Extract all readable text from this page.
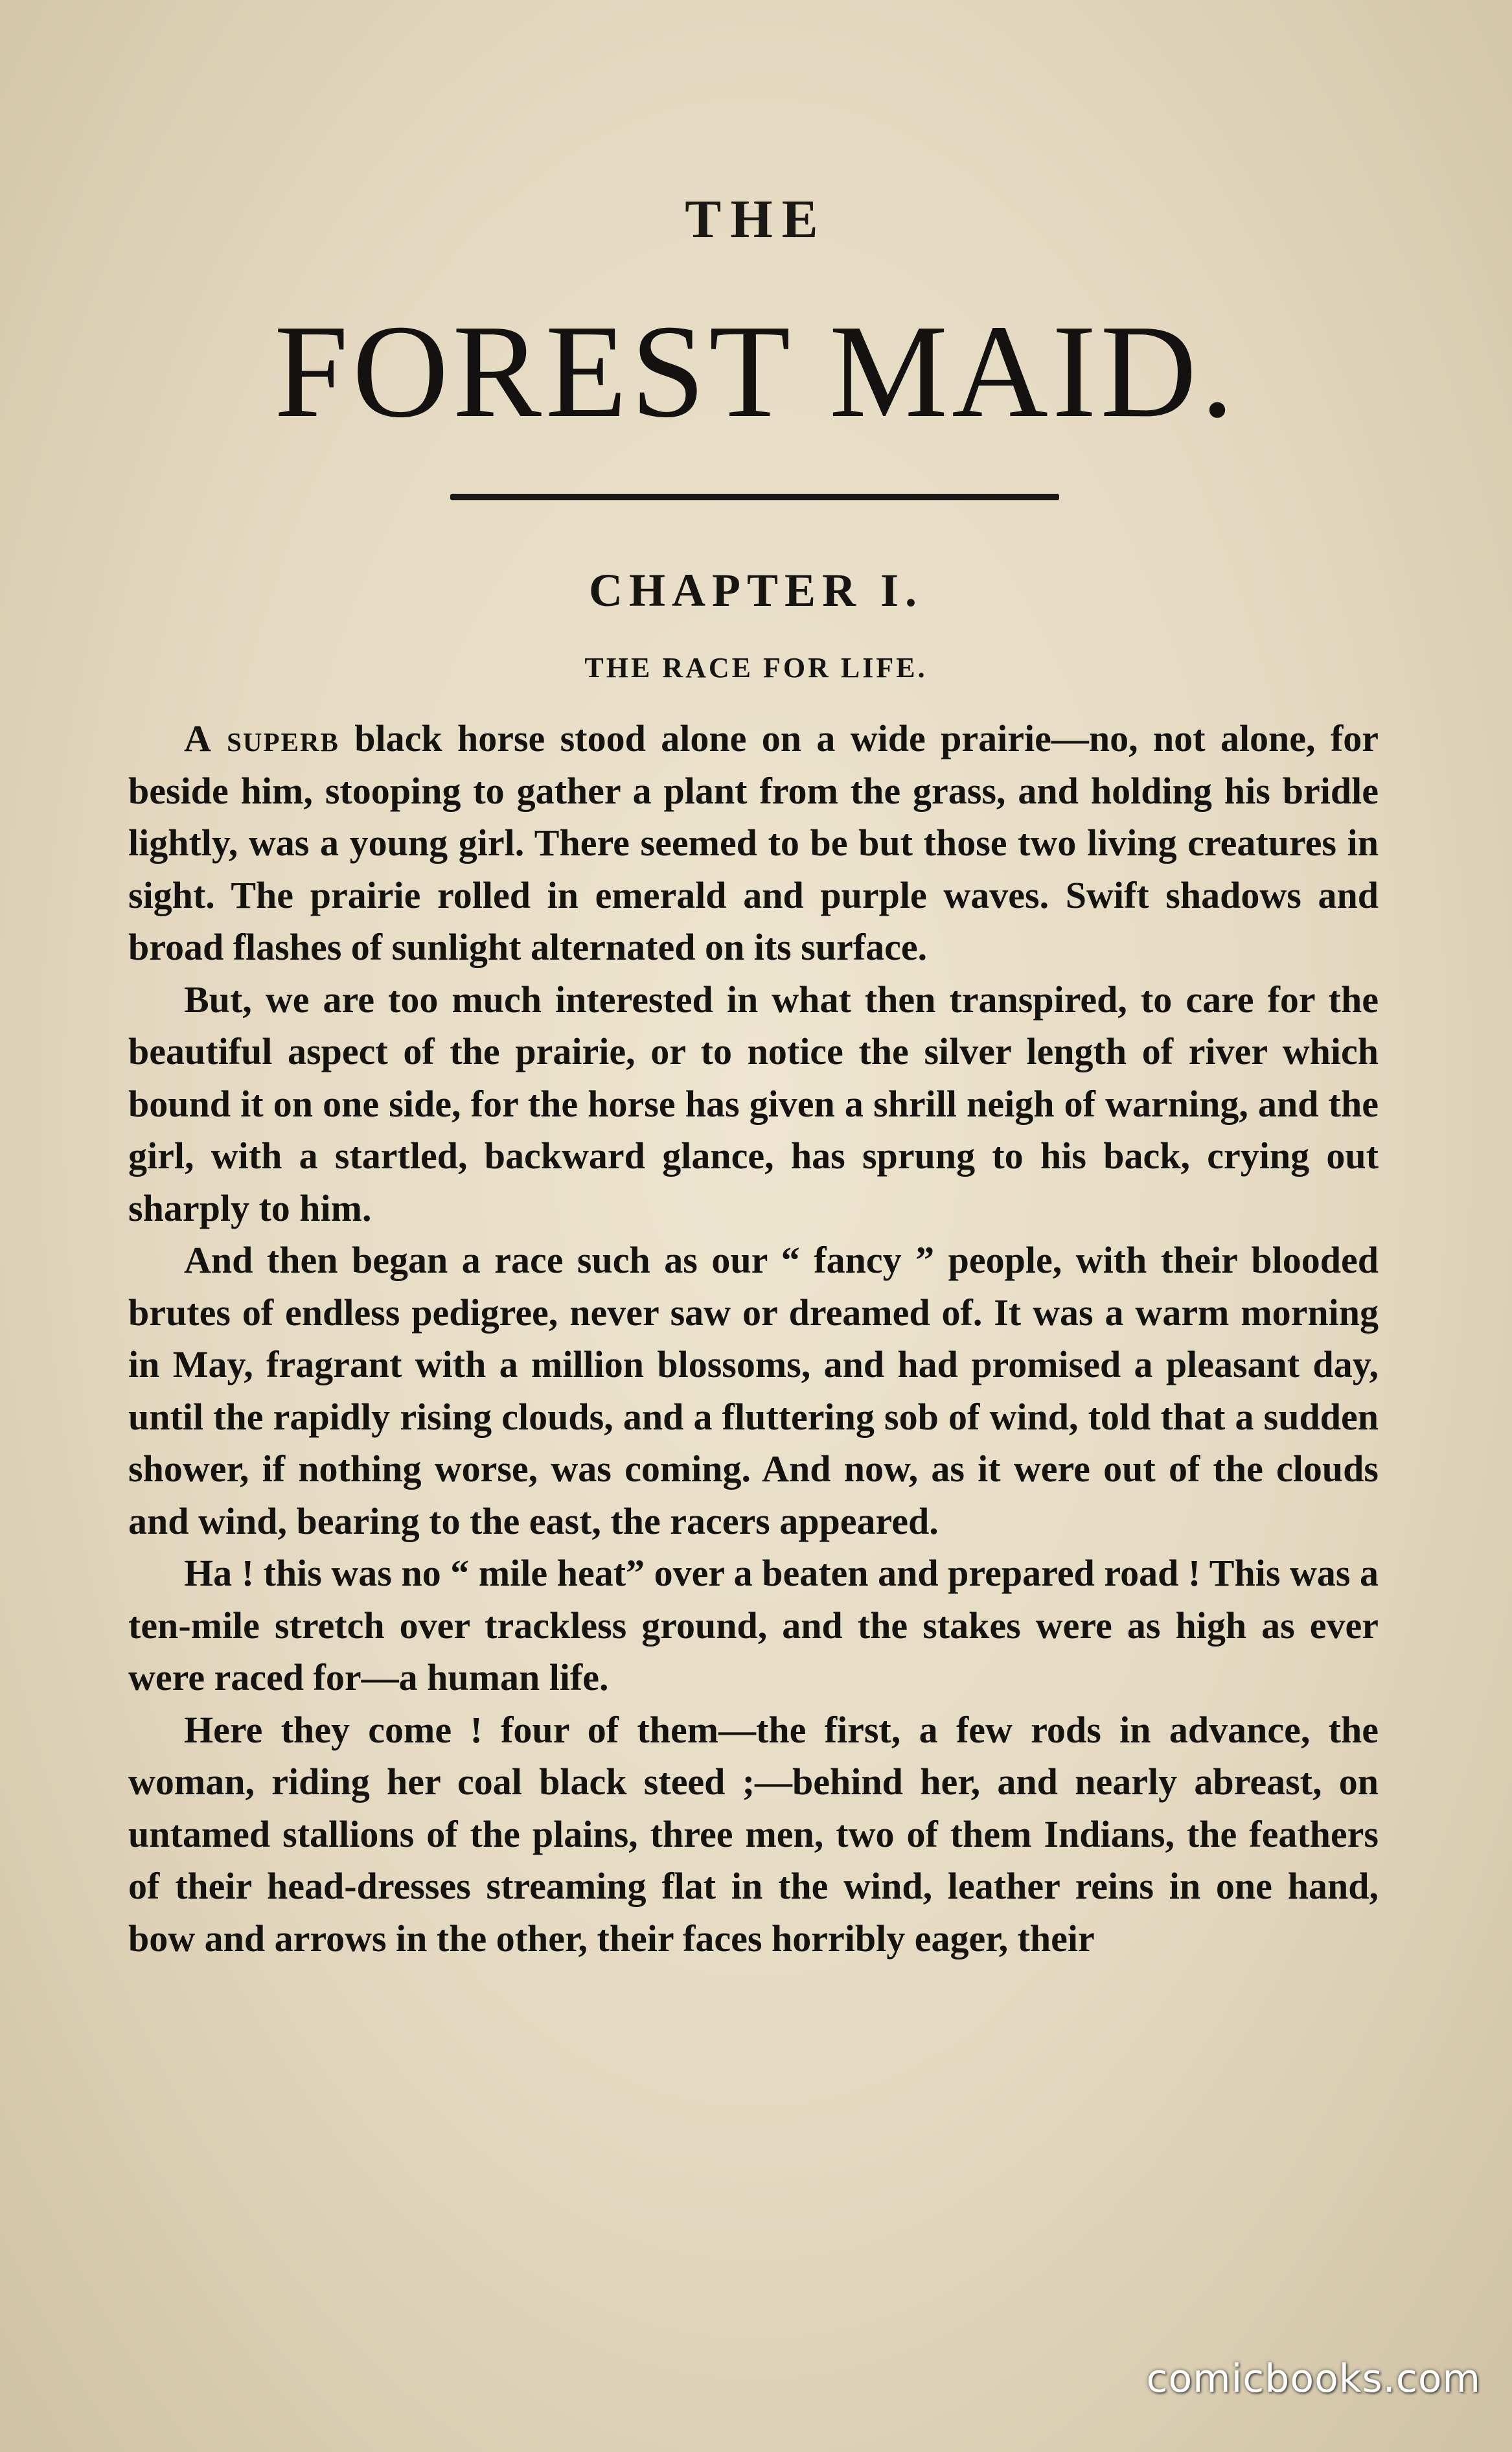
THE
FOREST MAID.
CHAPTER I.
THE RACE FOR LIFE.

A superb black horse stood alone on a wide prairie—no, not alone, for beside him, stooping to gather a plant from the grass, and holding his bridle lightly, was a young girl. There seemed to be but those two living creatures in sight. The prairie rolled in emerald and purple waves. Swift shadows and broad flashes of sunlight alternated on its surface.

But, we are too much interested in what then transpired, to care for the beautiful aspect of the prairie, or to notice the silver length of river which bound it on one side, for the horse has given a shrill neigh of warning, and the girl, with a startled, backward glance, has sprung to his back, crying out sharply to him.

And then began a race such as our “ fancy ” people, with their blooded brutes of endless pedigree, never saw or dreamed of. It was a warm morning in May, fragrant with a million blossoms, and had promised a pleasant day, until the rapidly rising clouds, and a fluttering sob of wind, told that a sudden shower, if nothing worse, was coming. And now, as it were out of the clouds and wind, bearing to the east, the racers appeared.

Ha ! this was no “ mile heat” over a beaten and prepared road ! This was a ten-mile stretch over trackless ground, and the stakes were as high as ever were raced for—a human life.

Here they come ! four of them—the first, a few rods in advance, the woman, riding her coal black steed ;—behind her, and nearly abreast, on untamed stallions of the plains, three men, two of them Indians, the feathers of their head-dresses streaming flat in the wind, leather reins in one hand, bow and arrows in the other, their faces horribly eager, their

comicbooks.com
